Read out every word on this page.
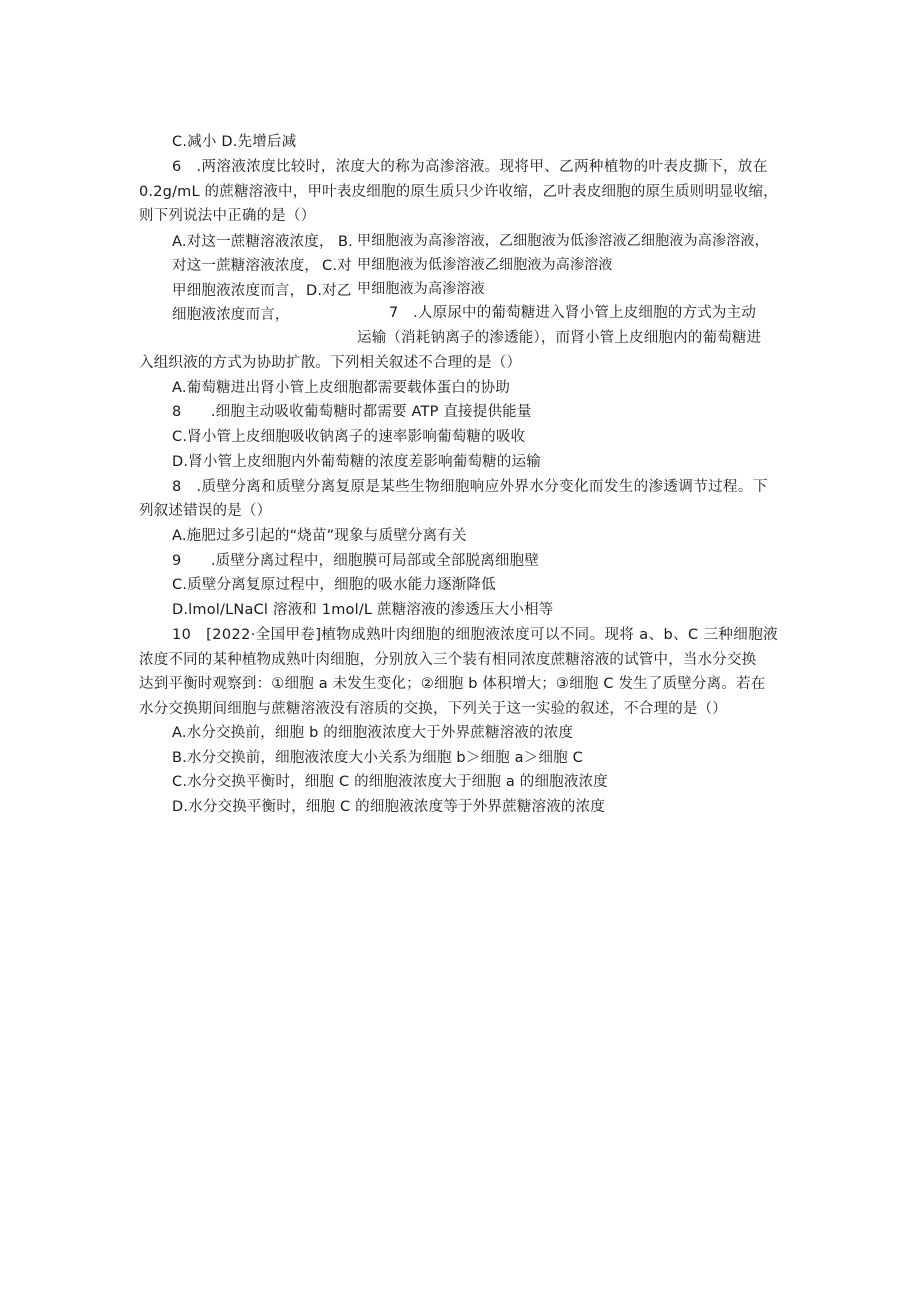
C.减小 D.先增后减
6 .两溶液浓度比较时，浓度大的称为高渗溶液。现将甲、乙两种植物的叶表皮撕下，放在
0.2g/mL 的蔗糖溶液中，甲叶表皮细胞的原生质只少许收缩，乙叶表皮细胞的原生质则明显收缩，
则下列说法中正确的是（）
A.对这一蔗糖溶液浓度， B. 甲细胞液为高渗溶液，乙细胞液为低渗溶液乙细胞液为高渗溶液，
对这一蔗糖溶液浓度， C.对 甲细胞液为低渗溶液乙细胞液为高渗溶液
甲细胞液浓度而言， D.对乙 甲细胞液为高渗溶液
细胞液浓度而言，	7 .人原尿中的葡萄糖进入肾小管上皮细胞的方式为主动
运输（消耗钠离子的渗透能），而肾小管上皮细胞内的葡萄糖进
入组织液的方式为协助扩散。下列相关叙述不合理的是（）
A.葡萄糖进出肾小管上皮细胞都需要载体蛋白的协助
8  .细胞主动吸收葡萄糖时都需要 ATP 直接提供能量
C.肾小管上皮细胞吸收钠离子的速率影响葡萄糖的吸收
D.肾小管上皮细胞内外葡萄糖的浓度差影响葡萄糖的运输
8 .质壁分离和质壁分离复原是某些生物细胞响应外界水分变化而发生的渗透调节过程。下
列叙述错误的是（）
A.施肥过多引起的“烧苗”现象与质壁分离有关
9  .质壁分离过程中，细胞膜可局部或全部脱离细胞壁
C.质壁分离复原过程中，细胞的吸水能力逐渐降低
D.lmol/LNaCl 溶液和 1mol/L 蔗糖溶液的渗透压大小相等
10 [2022·全国甲卷]植物成熟叶肉细胞的细胞液浓度可以不同。现将 a、b、C 三种细胞液
浓度不同的某种植物成熟叶肉细胞，分别放入三个装有相同浓度蔗糖溶液的试管中，当水分交换
达到平衡时观察到：①细胞 a 未发生变化；②细胞 b 体积增大；③细胞 C 发生了质壁分离。若在
水分交换期间细胞与蔗糖溶液没有溶质的交换，下列关于这一实验的叙述，不合理的是（）
A.水分交换前，细胞 b 的细胞液浓度大于外界蔗糖溶液的浓度
B.水分交换前，细胞液浓度大小关系为细胞 b＞细胞 a＞细胞 C
C.水分交换平衡时，细胞 C 的细胞液浓度大于细胞 a 的细胞液浓度
D.水分交换平衡时，细胞 C 的细胞液浓度等于外界蔗糖溶液的浓度
